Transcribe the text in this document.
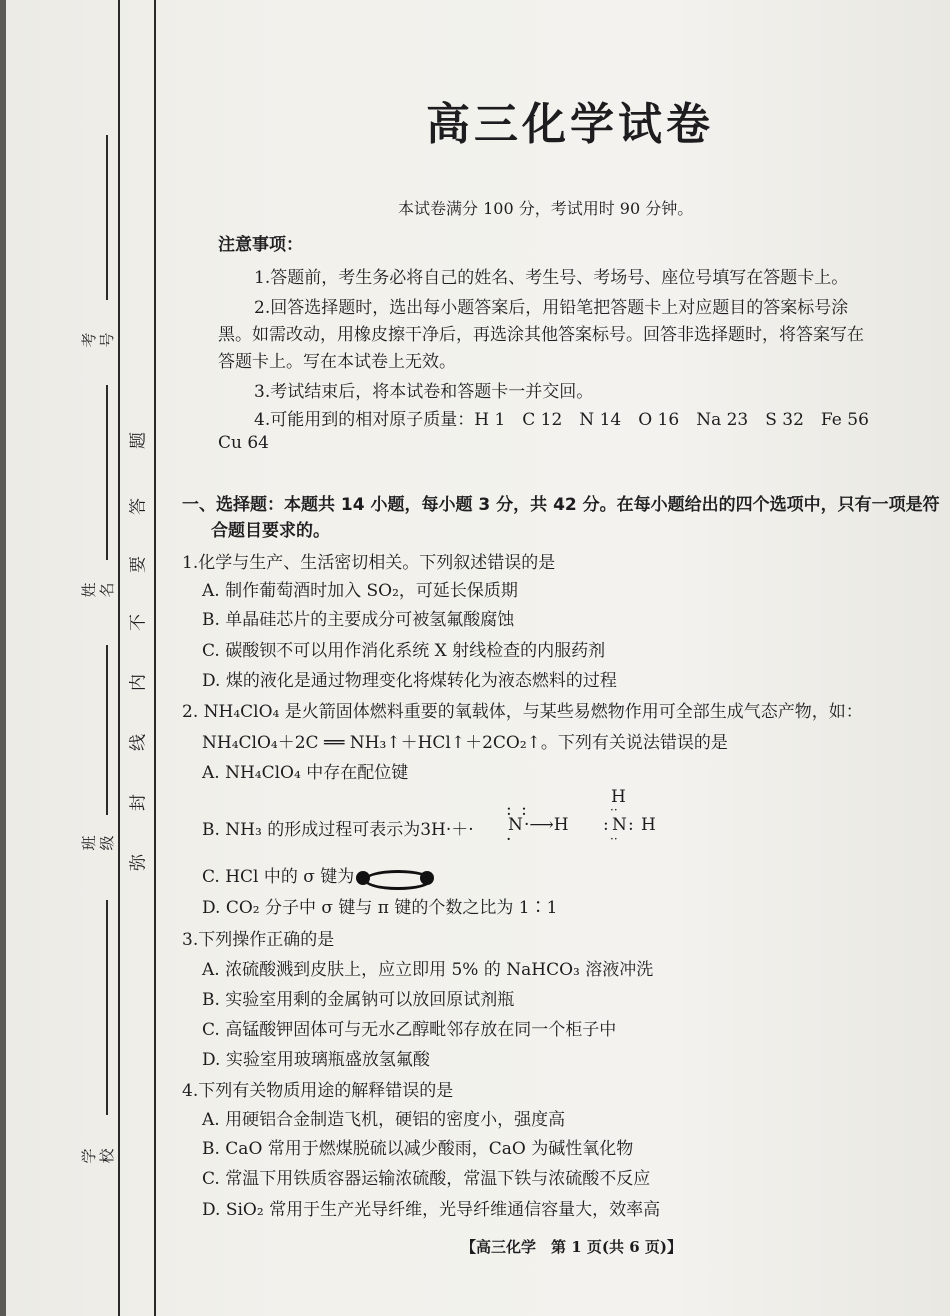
考号
姓名
班级
学校
题
答
要
不
内
线
封
弥
高三化学试卷
本试卷满分 100 分，考试用时 90 分钟。
注意事项：
1.答题前，考生务必将自己的姓名、考生号、考场号、座位号填写在答题卡上。
2.回答选择题时，选出每小题答案后，用铅笔把答题卡上对应题目的答案标号涂
黑。如需改动，用橡皮擦干净后，再选涂其他答案标号。回答非选择题时，将答案写在
答题卡上。写在本试卷上无效。
3.考试结束后，将本试卷和答题卡一并交回。
4.可能用到的相对原子质量：H 1　C 12　N 14　O 16　Na 23　S 32　Fe 56
Cu 64
一、选择题：本题共 14 小题，每小题 3 分，共 42 分。在每小题给出的四个选项中，只有一项是符
合题目要求的。
1.化学与生产、生活密切相关。下列叙述错误的是
A. 制作葡萄酒时加入 SO₂，可延长保质期
B. 单晶硅芯片的主要成分可被氢氟酸腐蚀
C. 碳酸钡不可以用作消化系统 X 射线检查的内服药剂
D. 煤的液化是通过物理变化将煤转化为液态燃料的过程
2. NH₄ClO₄ 是火箭固体燃料重要的氧载体，与某些易燃物作用可全部生成气态产物，如：
NH₄ClO₄＋2C ══ NH₃↑＋HCl↑＋2CO₂↑。下列有关说法错误的是
A. NH₄ClO₄ 中存在配位键
B. NH₃ 的形成过程可表示为3H·＋·
: :
N
·
·⟶H
H
: N : H
··
··
C. HCl 中的 σ 键为
D. CO₂ 分子中 σ 键与 π 键的个数之比为 1∶1
3.下列操作正确的是
A. 浓硫酸溅到皮肤上，应立即用 5% 的 NaHCO₃ 溶液冲洗
B. 实验室用剩的金属钠可以放回原试剂瓶
C. 高锰酸钾固体可与无水乙醇毗邻存放在同一个柜子中
D. 实验室用玻璃瓶盛放氢氟酸
4.下列有关物质用途的解释错误的是
A. 用硬铝合金制造飞机，硬铝的密度小，强度高
B. CaO 常用于燃煤脱硫以减少酸雨，CaO 为碱性氧化物
C. 常温下用铁质容器运输浓硫酸，常温下铁与浓硫酸不反应
D. SiO₂ 常用于生产光导纤维，光导纤维通信容量大，效率高
【高三化学　第 1 页(共 6 页)】
